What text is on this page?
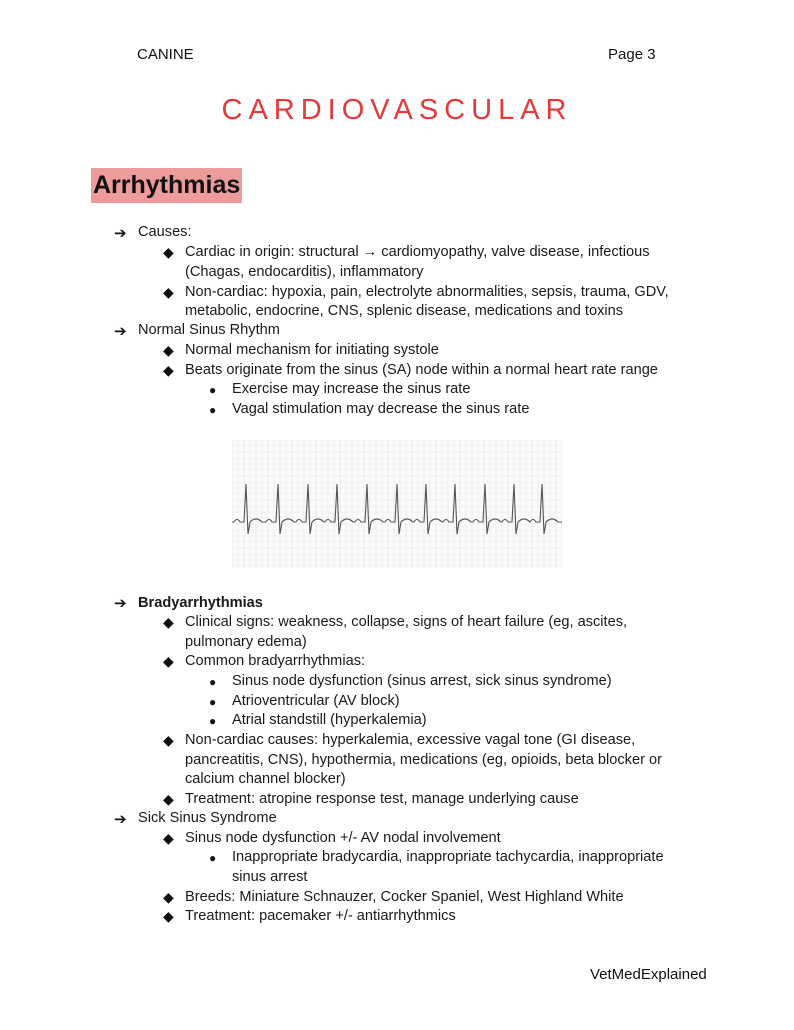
CANINE	Page 3
CARDIOVASCULAR
Arrhythmias
➔ Causes:
◆ Cardiac in origin: structural → cardiomyopathy, valve disease, infectious
(Chagas, endocarditis), inflammatory
◆ Non-cardiac: hypoxia, pain, electrolyte abnormalities, sepsis, trauma, GDV,
metabolic, endocrine, CNS, splenic disease, medications and toxins
➔ Normal Sinus Rhythm
◆ Normal mechanism for initiating systole
◆ Beats originate from the sinus (SA) node within a normal heart rate range
● Exercise may increase the sinus rate
● Vagal stimulation may decrease the sinus rate
➔ Bradyarrhythmias
◆ Clinical signs: weakness, collapse, signs of heart failure (eg, ascites,
pulmonary edema)
◆ Common bradyarrhythmias:
● Sinus node dysfunction (sinus arrest, sick sinus syndrome)
● Atrioventricular (AV block)
● Atrial standstill (hyperkalemia)
◆ Non-cardiac causes: hyperkalemia, excessive vagal tone (GI disease,
pancreatitis, CNS), hypothermia, medications (eg, opioids, beta blocker or
calcium channel blocker)
◆ Treatment: atropine response test, manage underlying cause
➔ Sick Sinus Syndrome
◆ Sinus node dysfunction +/- AV nodal involvement
● Inappropriate bradycardia, inappropriate tachycardia, inappropriate
sinus arrest
◆ Breeds: Miniature Schnauzer, Cocker Spaniel, West Highland White
◆ Treatment: pacemaker +/- antiarrhythmics
VetMedExplained
